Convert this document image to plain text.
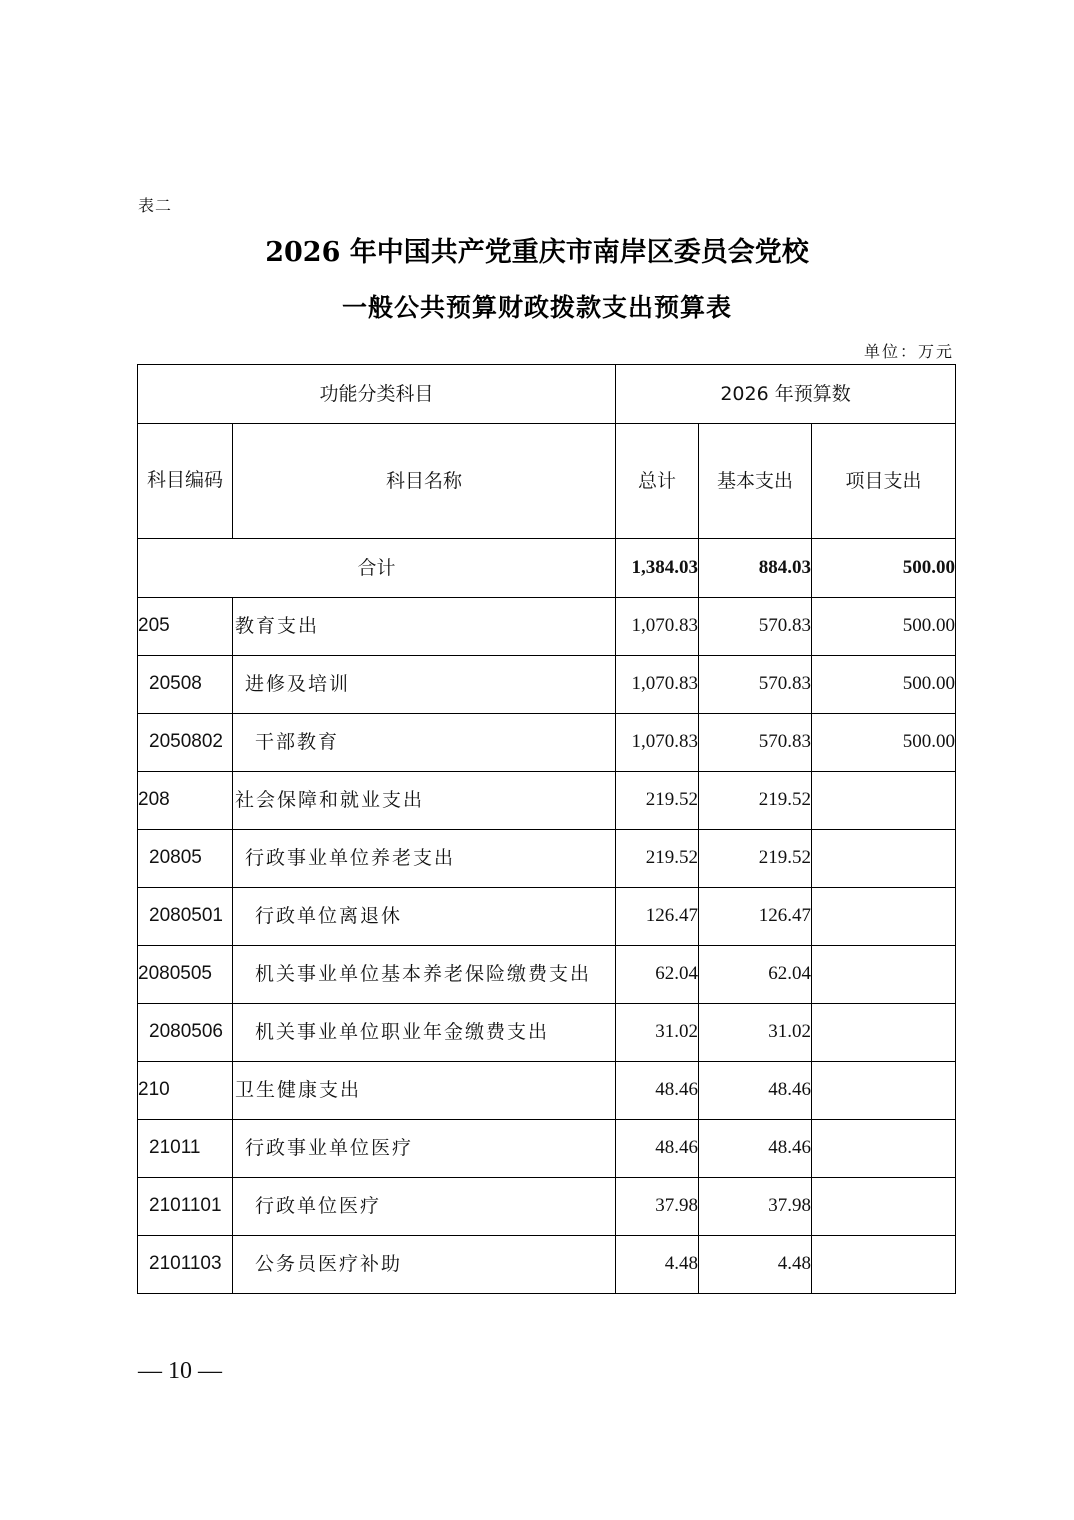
表二
2026 年中国共产党重庆市南岸区委员会党校
一般公共预算财政拨款支出预算表
单位：万元
功能分类科目		2026 年预算数		
科目编码	科目名称	总计	基本支出	项目支出
合计		1,384.03	884.03	500.00
205	教育支出	1,070.83	570.83	500.00
20508	进修及培训	1,070.83	570.83	500.00
2050802	干部教育	1,070.83	570.83	500.00
208	社会保障和就业支出	219.52	219.52	
20805	行政事业单位养老支出	219.52	219.52	
2080501	行政单位离退休	126.47	126.47	
2080505	机关事业单位基本养老保险缴费支出	62.04	62.04	
2080506	机关事业单位职业年金缴费支出	31.02	31.02	
210	卫生健康支出	48.46	48.46	
21011	行政事业单位医疗	48.46	48.46	
2101101	行政单位医疗	37.98	37.98	
2101103	公务员医疗补助	4.48	4.48	
— 10 —
